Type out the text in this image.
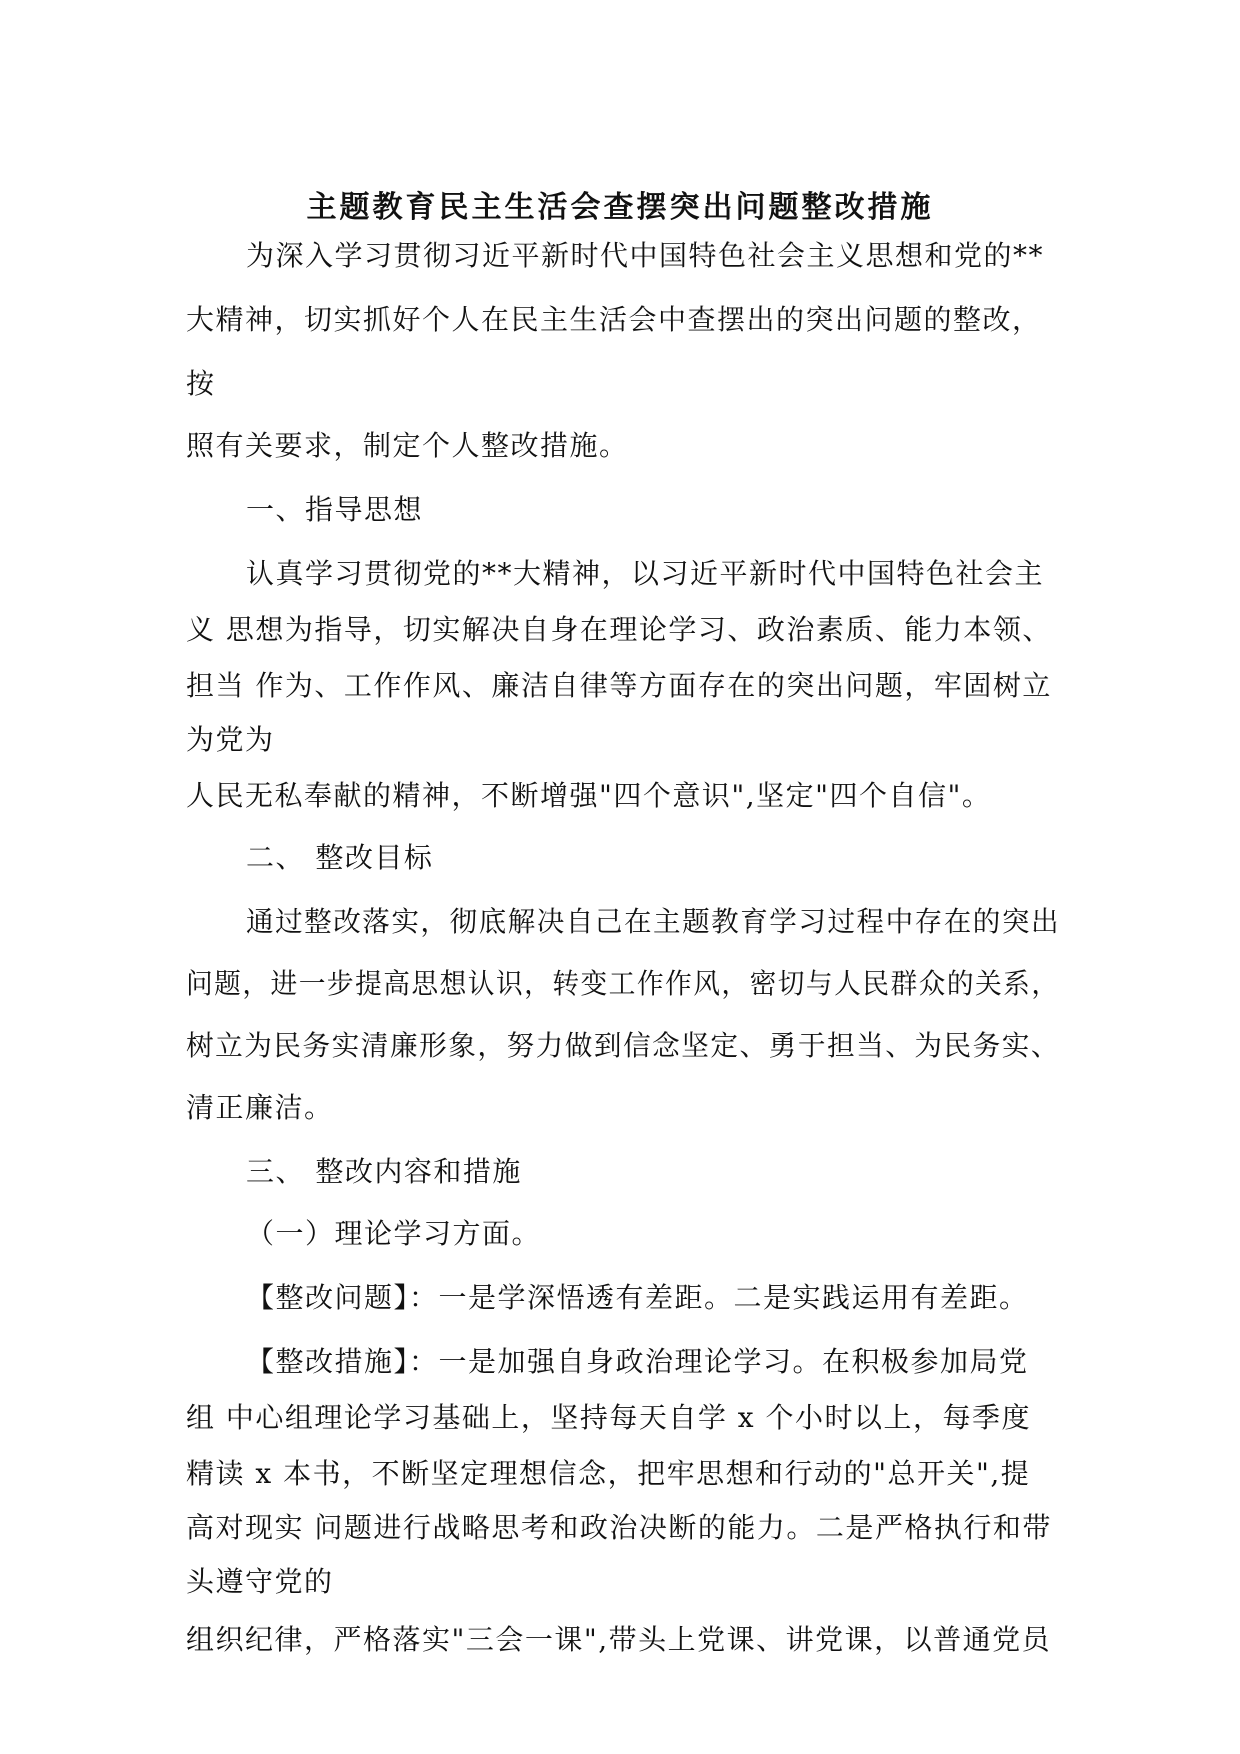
主题教育民主生活会查摆突出问题整改措施
为深入学习贯彻习近平新时代中国特色社会主义思想和党的**
大精神，切实抓好个人在民主生活会中查摆出的突出问题的整改，
按
照有关要求，制定个人整改措施。
一、指导思想
认真学习贯彻党的**大精神，以习近平新时代中国特色社会主
义 思想为指导，切实解决自身在理论学习、政治素质、能力本领、
担当 作为、工作作风、廉洁自律等方面存在的突出问题，牢固树立
为党为
人民无私奉献的精神，不断增强"四个意识",坚定"四个自信"。
二、 整改目标
通过整改落实，彻底解决自己在主题教育学习过程中存在的突出
问题，进一步提高思想认识，转变工作作风，密切与人民群众的关系，
树立为民务实清廉形象，努力做到信念坚定、勇于担当、为民务实、
清正廉洁。
三、 整改内容和措施
（一）理论学习方面。
【整改问题】：一是学深悟透有差距。二是实践运用有差距。
【整改措施】：一是加强自身政治理论学习。在积极参加局党
组 中心组理论学习基础上，坚持每天自学 x 个小时以上，每季度
精读 x 本书，不断坚定理想信念，把牢思想和行动的"总开关",提
高对现实 问题进行战略思考和政治决断的能力。二是严格执行和带
头遵守党的
组织纪律，严格落实"三会一课",带头上党课、讲党课，以普通党员
